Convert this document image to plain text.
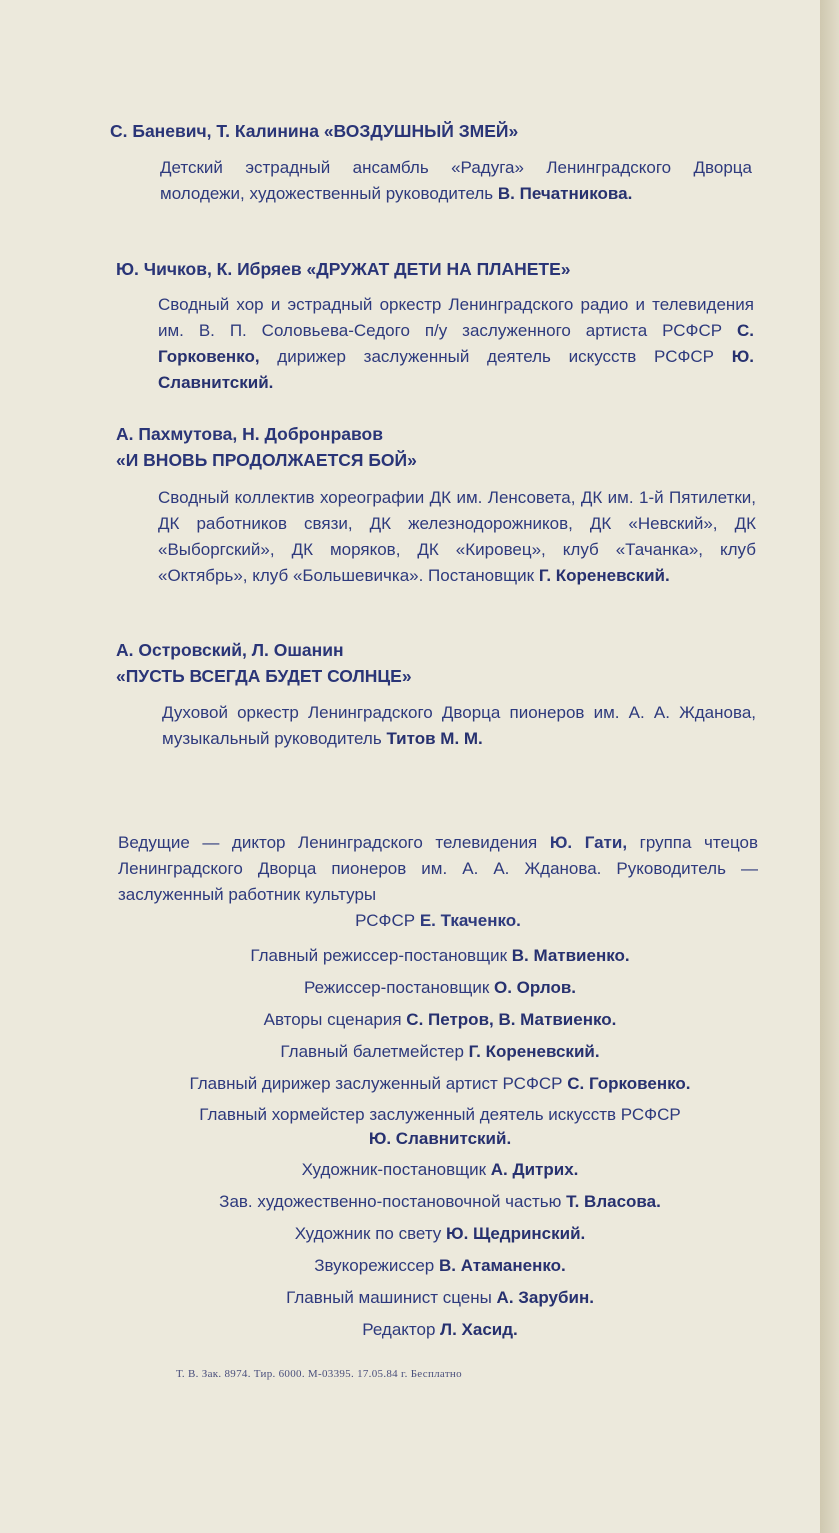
С. Баневич, Т. Калинина «ВОЗДУШНЫЙ ЗМЕЙ»
Детский эстрадный ансамбль «Радуга» Ленинградского Дворца молодежи, художественный руководитель В. Печатникова.
Ю. Чичков, К. Ибряев «ДРУЖАТ ДЕТИ НА ПЛАНЕТЕ»
Сводный хор и эстрадный оркестр Ленинградского радио и телевидения им. В. П. Соловьева-Седого п/у заслуженного артиста РСФСР С. Горковенко, дирижер заслуженный деятель искусств РСФСР Ю. Славнитский.
А. Пахмутова, Н. Добронравов
«И ВНОВЬ ПРОДОЛЖАЕТСЯ БОЙ»
Сводный коллектив хореографии ДК им. Ленсовета, ДК им. 1-й Пятилетки, ДК работников связи, ДК железнодорожников, ДК «Невский», ДК «Выборгский», ДК моряков, ДК «Кировец», клуб «Тачанка», клуб «Октябрь», клуб «Большевичка». Постановщик Г. Кореневский.
А. Островский, Л. Ошанин
«ПУСТЬ ВСЕГДА БУДЕТ СОЛНЦЕ»
Духовой оркестр Ленинградского Дворца пионеров им. А. А. Жданова, музыкальный руководитель Титов М. М.
Ведущие — диктор Ленинградского телевидения Ю. Гати, группа чтецов Ленинградского Дворца пионеров им. А. А. Жданова. Руководитель — заслуженный работник культуры
РСФСР Е. Ткаченко.
Главный режиссер-постановщик В. Матвиенко.
Режиссер-постановщик О. Орлов.
Авторы сценария С. Петров, В. Матвиенко.
Главный балетмейстер Г. Кореневский.
Главный дирижер заслуженный артист РСФСР С. Горковенко.
Главный хормейстер заслуженный деятель искусств РСФСР
Ю. Славнитский.
Художник-постановщик А. Дитрих.
Зав. художественно-постановочной частью Т. Власова.
Художник по свету Ю. Щедринский.
Звукорежиссер В. Атаманенко.
Главный машинист сцены А. Зарубин.
Редактор Л. Хасид.
Т. В. Зак. 8974. Тир. 6000. М-03395. 17.05.84 г. Бесплатно
